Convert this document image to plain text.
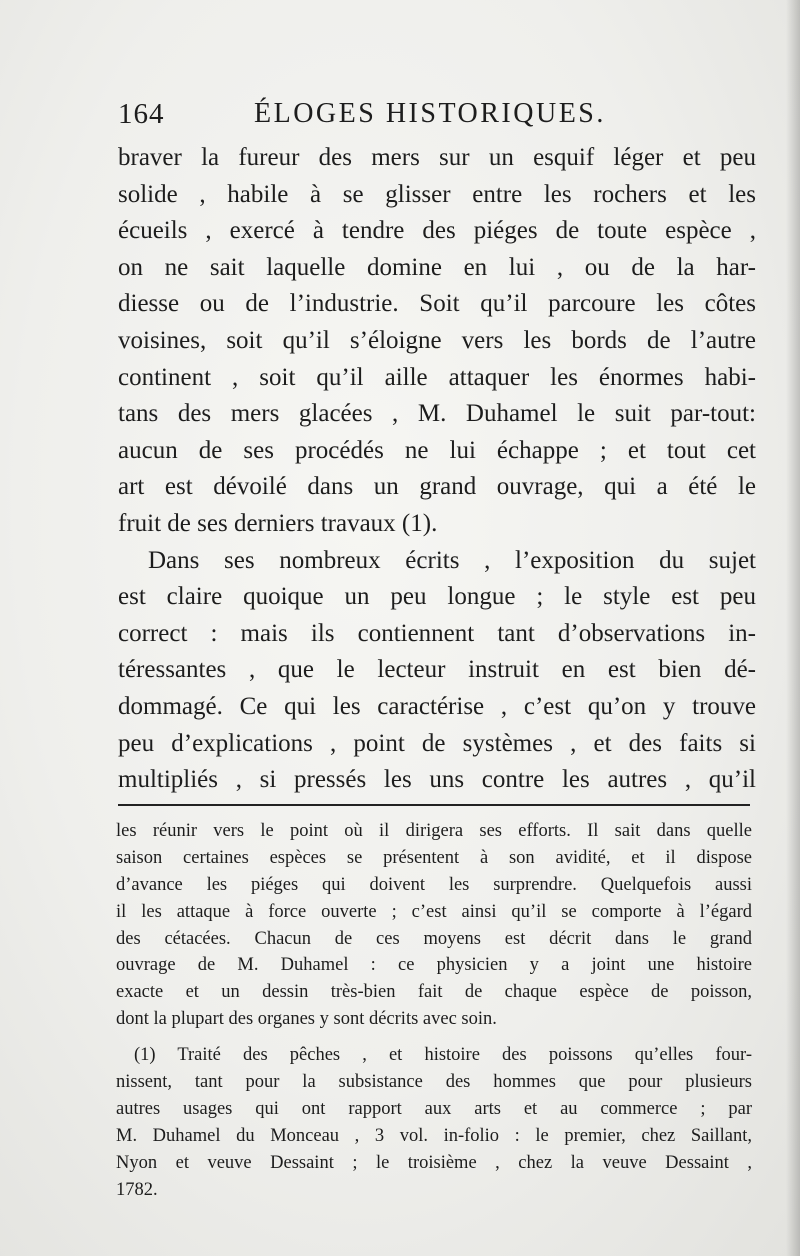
164	ÉLOGES HISTORIQUES.
braver la fureur des mers sur un esquif léger et peu
solide , habile à se glisser entre les rochers et les
écueils , exercé à tendre des piéges de toute espèce ,
on ne sait laquelle domine en lui , ou de la har-
diesse ou de l’industrie. Soit qu’il parcoure les côtes
voisines, soit qu’il s’éloigne vers les bords de l’autre
continent , soit qu’il aille attaquer les énormes habi-
tans des mers glacées , M. Duhamel le suit par-tout:
aucun de ses procédés ne lui échappe ; et tout cet
art est dévoilé dans un grand ouvrage, qui a été le
fruit de ses derniers travaux (1).
Dans ses nombreux écrits , l’exposition du sujet
est claire quoique un peu longue ; le style est peu
correct : mais ils contiennent tant d’observations in-
téressantes , que le lecteur instruit en est bien dé-
dommagé. Ce qui les caractérise , c’est qu’on y trouve
peu d’explications , point de systèmes , et des faits si
multipliés , si pressés les uns contre les autres , qu’il
les réunir vers le point où il dirigera ses efforts. Il sait dans quelle
saison certaines espèces se présentent à son avidité, et il dispose
d’avance les piéges qui doivent les surprendre. Quelquefois aussi
il les attaque à force ouverte ; c’est ainsi qu’il se comporte à l’égard
des cétacées. Chacun de ces moyens est décrit dans le grand
ouvrage de M. Duhamel : ce physicien y a joint une histoire
exacte et un dessin très-bien fait de chaque espèce de poisson,
dont la plupart des organes y sont décrits avec soin.
(1) Traité des pêches , et histoire des poissons qu’elles four-
nissent, tant pour la subsistance des hommes que pour plusieurs
autres usages qui ont rapport aux arts et au commerce ; par
M. Duhamel du Monceau , 3 vol. in-folio : le premier, chez Saillant,
Nyon et veuve Dessaint ; le troisième , chez la veuve Dessaint ,
1782.
